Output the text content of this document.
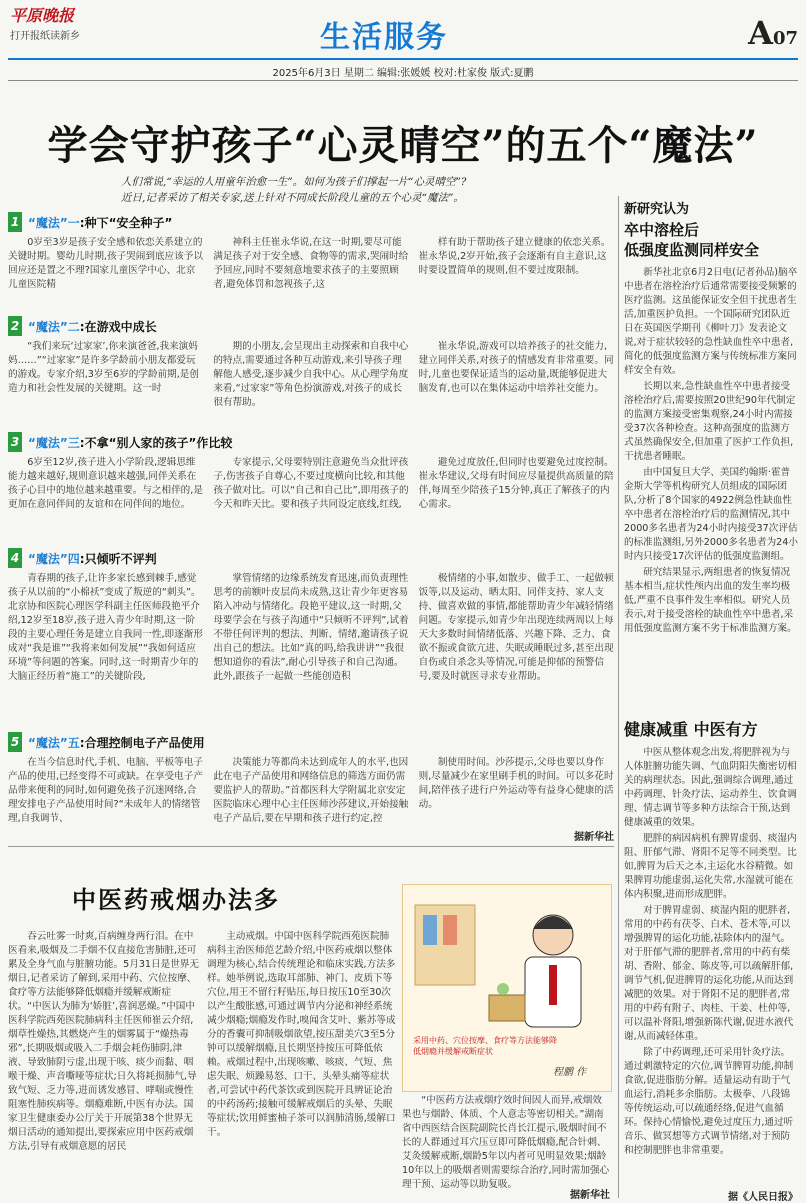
平原晚报
打开报纸读新乡	生活服务	A07
2025年6月3日 星期二 编辑:张媛媛 校对:杜家俊 版式:夏鹏
学会守护孩子“心灵晴空”的五个“魔法”
人们常说,“幸运的人用童年治愈一生”。如何为孩子们撑起一片“心灵晴空”?
近日,记者采访了相关专家,送上针对不同成长阶段儿童的五个心灵“魔法”。
1 “魔法”一:种下“安全种子”
0岁至3岁是孩子安全感和依恋关系建立的关键时期。婴幼儿时期,孩子哭闹到底应该予以回应还是置之不理?国家儿童医学中心、北京儿童医院精
神科主任崔永华说,在这一时期,要尽可能满足孩子对于安全感、食物等的需求,哭闹时给予回应,同时不要刻意地要求孩子的主要照顾者,避免体罚和忽视孩子,这
样有助于帮助孩子建立健康的依恋关系。崔永华说,2岁开始,孩子会逐渐有自主意识,这时要设置简单的规则,但不要过度限制。
2 “魔法”二:在游戏中成长
“我们来玩‘过家家’,你来演爸爸,我来演妈妈……”“过家家”是许多学龄前小朋友都爱玩的游戏。专家介绍,3岁至6岁的学龄前期,是创造力和社会性发展的关键期。这一时
期的小朋友,会呈现出主动探索和自我中心的特点,需要通过各种互动游戏,来引导孩子理解他人感受,逐步减少自我中心。从心理学角度来看,“过家家”等角色扮演游戏,对孩子的成长很有帮助。
崔永华说,游戏可以培养孩子的社交能力,建立同伴关系,对孩子的情感发育非常重要。同时,儿童也要保证适当的运动量,既能够促进大脑发育,也可以在集体运动中培养社交能力。
3 “魔法”三:不拿“别人家的孩子”作比较
6岁至12岁,孩子进入小学阶段,逻辑思维能力越来越好,规则意识越来越强,同伴关系在孩子心目中的地位越来越重要。与之相伴的,是更加在意同伴间的友谊和在同伴间的地位。
专家提示,父母要特别注意避免当众批评孩子,伤害孩子自尊心,不要过度横向比较,和其他孩子做对比。可以“自己和自己比”,即用孩子的今天和昨天比。要和孩子共同设定底线,红线,
避免过度放任,但同时也要避免过度控制。崔永华建议,父母有时间应尽量提供高质量的陪伴,每周至少陪孩子15分钟,真正了解孩子的内心需求。
4 “魔法”四:只倾听不评判
青春期的孩子,让许多家长感到棘手,感觉孩子从以前的“小棉袄”变成了叛逆的“刺头”。北京协和医院心理医学科副主任医师段艳平介绍,12岁至18岁,孩子进入青少年时期,这一阶段的主要心理任务是建立自我同一性,即逐渐形成对“我是谁”“我将来如何发展”“我如何适应环境”等问题的答案。同时,这一时期青少年的大脑正经历着“施工”的关键阶段,
掌管情绪的边缘系统发育迅速,而负责理性思考的前额叶皮层尚未成熟,这让青少年更容易陷入冲动与情绪化。段艳平建议,这一时期,父母要学会在与孩子沟通中“只倾听不评判”,试着不带任何评判的想法、判断、情绪,邀请孩子说出自己的想法。比如“真的吗,给我讲讲”“我很想知道你的看法”,耐心引导孩子和自己沟通。此外,跟孩子一起做一些能创造积
极情绪的小事,如散步、做手工、一起做顿饭等,以及运动、晒太阳、同伴支持、家人支持、做喜欢做的事情,都能帮助青少年减轻情绪问题。专家提示,如青少年出现连续两周以上每天大多数时间情绪低落、兴趣下降、乏力、食欲不振或食欲亢进、失眠或睡眠过多,甚至出现自伤或自杀念头等情况,可能是抑郁的预警信号,要及时就医寻求专业帮助。
5 “魔法”五:合理控制电子产品使用
在当今信息时代,手机、电脑、平板等电子产品的使用,已经变得不可或缺。在享受电子产品带来便利的同时,如何避免孩子沉迷网络,合理安排电子产品使用时间?“未成年人的情绪管理,自我调节、
决策能力等都尚未达到成年人的水平,也因此在电子产品使用和网络信息的筛选方面仍需要监护人的帮助。”首都医科大学附属北京安定医院临床心理中心主任医师沙莎建议,开始接触电子产品后,要在早期和孩子进行约定,控
制使用时间。沙莎提示,父母也要以身作则,尽量减少在家里刷手机的时间。可以多花时间,陪伴孩子进行户外运动等有益身心健康的活动。
据新华社
新研究认为
卒中溶栓后
低强度监测同样安全

新华社北京6月2日电(记者孙品)脑卒中患者在溶栓治疗后通常需要接受频繁的医疗监测。这虽能保证安全但干扰患者生活,加重医护负担。一个国际研究团队近日在英国医学期刊《柳叶刀》发表论文说,对于症状较轻的急性缺血性卒中患者,简化的低强度监测方案与传统标准方案同样安全有效。

长期以来,急性缺血性卒中患者接受溶栓治疗后,需要按照20世纪90年代制定的监测方案接受密集观察,24小时内需接受37次各种检查。这种高强度的监测方式虽然确保安全,但加重了医护工作负担,干扰患者睡眠。

由中国复旦大学、美国约翰斯·霍普金斯大学等机构研究人员组成的国际团队,分析了8个国家的4922例急性缺血性卒中患者在溶栓治疗后的监测情况,其中2000多名患者为24小时内接受37次评估的标准监测组,另外2000多名患者为24小时内只接受17次评估的低强度监测组。

研究结果显示,两组患者的恢复情况基本相当,症状性颅内出血的发生率均极低,严重不良事件发生率相似。研究人员表示,对于接受溶栓的缺血性卒中患者,采用低强度监测方案不劣于标准监测方案。

健康减重 中医有方

中医从整体观念出发,将肥胖视为与人体脏腑功能失调、气血阴阳失衡密切相关的病理状态。因此,强调综合调理,通过中药调理、针灸疗法、运动养生、饮食调理、情志调节等多种方法综合干预,达到健康减重的效果。

肥胖的病因病机有脾胃虚弱、痰湿内阻、肝郁气滞、肾阳不足等不同类型。比如,脾胃为后天之本,主运化水谷精微。如果脾胃功能虚弱,运化失常,水湿就可能在体内积聚,进而形成肥胖。

对于脾胃虚弱、痰湿内阻的肥胖者,常用的中药有茯苓、白术、苍术等,可以增强脾胃的运化功能,祛除体内的湿气。对于肝郁气滞的肥胖者,常用的中药有柴胡、香附、郁金、陈皮等,可以疏解肝郁,调节气机,促进脾胃的运化功能,从而达到减肥的效果。对于肾阳不足的肥胖者,常用的中药有附子、肉桂、干姜、杜仲等,可以温补肾阳,增强新陈代谢,促进水液代谢,从而减轻体重。

除了中药调理,还可采用针灸疗法。通过刺激特定的穴位,调节脾胃功能,抑制食欲,促进脂肪分解。适量运动有助于气血运行,消耗多余脂肪。太极拳、八段锦等传统运动,可以疏通经络,促进气血循环。保持心情愉悦,避免过度压力,通过听音乐、做冥想等方式调节情绪,对于预防和控制肥胖也非常重要。

据《人民日报》
中医药戒烟办法多
吞云吐雾一时爽,百病缠身两行泪。在中医看来,吸烟及二手烟不仅直接危害肺脏,还可累及全身气血与脏腑功能。5月31日是世界无烟日,记者采访了解到,采用中药、穴位按摩、食疗等方法能够降低烟瘾并缓解戒断症状。“中医认为肺为‘娇脏’,喜润恶燥。”中国中医科学院西苑医院肺病科主任医师崔云介绍,烟草性燥热,其燃烧产生的烟雾属于“燥热毒邪”,长期吸烟或吸入二手烟会耗伤肺阴,津液、导致肺阴亏虚,出现干咳、痰少而黏、咽喉干燥、声音嘶哑等症状;日久将耗损肺气,导致气短、乏力等,进而诱发感冒、哮喘或慢性阻塞性肺疾病等。烟瘾难断,中医有办法。国家卫生健康委办公厅关于开展第38个世界无烟日活动的通知提出,要探索应用中医药戒烟方法,引导有戒烟意愿的居民
主动戒烟。中国中医科学院西苑医院肺病科主治医师范艺龄介绍,中医药戒烟以整体调理为核心,结合传统理论和临床实践,方法多样。她举例说,选取耳部肺、神门、皮质下等穴位,用王不留行籽贴压,每日按压10至30次以产生酸胀感,可通过调节内分泌和神经系统减少烟瘾;烟瘾发作时,嗅闻含艾叶、紫苏等成分的香囊可抑制吸烟欲望,按压甜美穴3至5分钟可以缓解烟瘾,且长期坚持按压可降低依赖。戒烟过程中,出现咳嗽、咳痰、气短、焦虑失眠、烦躁易怒、口干、头晕头痛等症状者,可尝试中药代茶饮或到医院开具辨证论治的中药汤药;接触可缓解戒烟后的头晕、失眠等症状;饮用鲜蜜柚子茶可以润肺清肠,缓解口干。
采用中药、穴位按摩、食疗等方法能够降低烟瘾并缓解戒断症状
程鹏 作
“中医药方法戒烟疗效时间因人而异,戒烟效果也与烟龄、体质、个人意志等密切相关。”湖南省中西医结合医院副院长肖长江提示,吸烟时间不长的人群通过耳穴压豆即可降低烟瘾,配合针刺、艾灸缓解戒断,烟龄5年以内者可见明显效果;烟龄10年以上的吸烟者则需要综合治疗,同时需加强心理干预、运动等以助复吸。
据新华社
